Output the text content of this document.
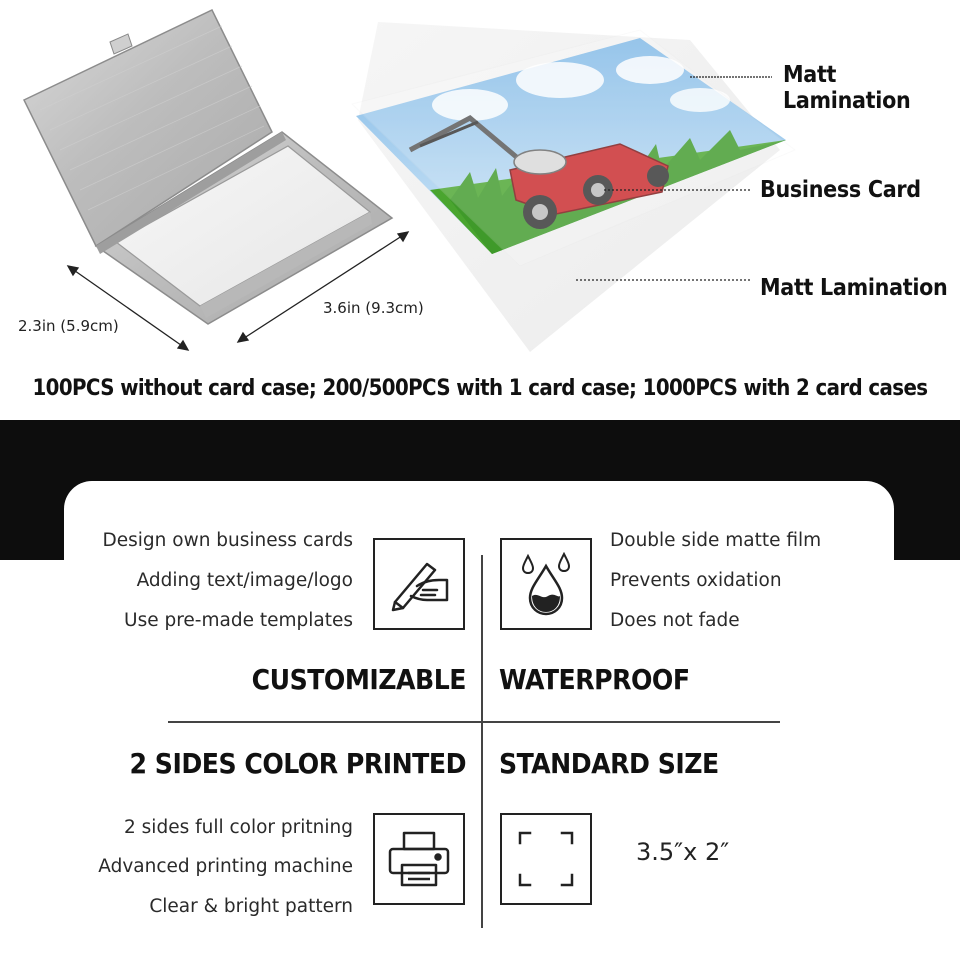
2.3in (5.9cm)
3.6in (9.3cm)
Matt Lamination
Business Card
Matt Lamination
100PCS without card case; 200/500PCS with 1 card case; 1000PCS with 2 card cases
Design own business cards
Adding text/image/logo
Use pre-made templates
CUSTOMIZABLE
Double side matte film
Prevents oxidation
Does not fade
WATERPROOF
2 SIDES COLOR PRINTED
2 sides full color pritning
Advanced printing machine
Clear & bright pattern
STANDARD SIZE
3.5″x 2″
